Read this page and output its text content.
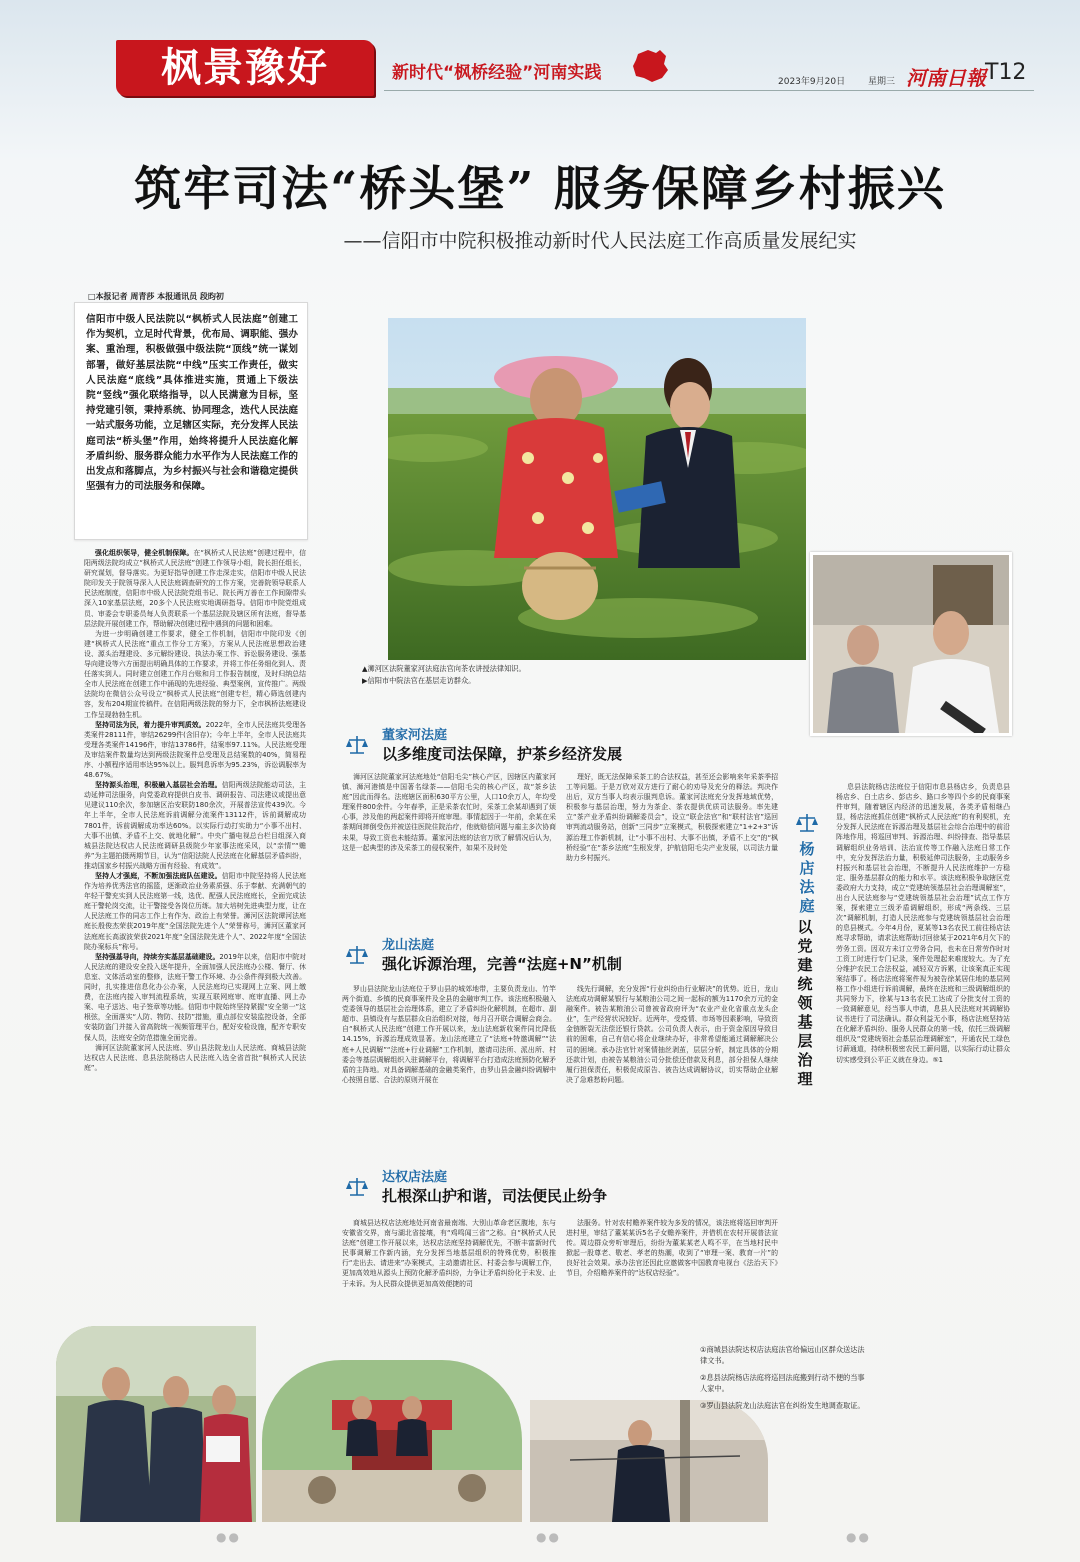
枫景豫好	新时代“枫桥经验”河南实践	2023年9月20日	星期三 河南日報 T12
筑牢司法“桥头堡” 服务保障乡村振兴
——信阳市中院积极推动新时代人民法庭工作高质量发展纪实
□本报记者 周青莎 本报通讯员 段昀初
信阳市中级人民法院以“枫桥式人民法庭”创建工作为契机，立足时代背景，优布局、调职能、强办案、重治理，积极做强中级法院“顶线”统一谋划部署，做好基层法院“中线”压实工作责任，做实人民法庭“底线”具体推进实施，贯通上下级法院“竖线”强化联络指导，以人民满意为目标，坚持党建引领，秉持系统、协同理念，迭代人民法庭一站式服务功能，立足辖区实际，充分发挥人民法庭司法“桥头堡”作用，始终将提升人民法庭化解矛盾纠纷、服务群众能力水平作为人民法庭工作的出发点和落脚点，为乡村振兴与社会和谐稳定提供坚强有力的司法服务和保障。
▲浉河区法院董家河法庭法官向茶农讲授法律知识。
▶信阳市中院法官在基层走访群众。

强化组织领导，健全机制保障。在“枫桥式人民法庭”创建过程中，信阳两级法院均成立“枫桥式人民法庭”创建工作领导小组，院长担任组长，研究谋划，督导落实。为更好指导创建工作走深走实，信阳市中级人民法院印发关于院领导深入人民法庭调查研究的工作方案，完善院领导联系人民法庭制度，信阳市中级人民法院党组书记、院长两万善在工作间隙带头深入10家基层法庭，20多个人民法庭实地调研指导。信阳市中院党组成员、审委会专职委员每人负责联系一个基层法院及辖区所有法庭，督导基层法院开展创建工作，帮助解决创建过程中遇到的问题和困难。

为进一步明确创建工作要求，健全工作机制，信阳市中院印发《创建“枫桥式人民法庭”重点工作分工方案》，方案从人民法庭思想政治建设、源头治理建设、多元解纷建设、执法办案工作、诉讼服务建设、强基导向建设等六方面提出明确具体的工作要求，并将工作任务细化到人、责任落实到人。同时建立创建工作月台账和月工作报告制度，及时归纳总结全市人民法庭在创建工作中涌现的先进经验、典型案例，宣传推广。两级法院均在微信公众号设立“枫桥式人民法庭”创建专栏，精心筛选创建内容，发布204期宣传稿件。在信阳两级法院的努力下，全市枫桥法庭建设工作呈现勃勃生机。

坚持司法为民，着力提升审判质效。2022年，全市人民法庭共受理各类案件28111件，审结26299件(含旧存)；今年上半年，全市人民法庭共受理各类案件14196件，审结13786件，结案率97.11%。人民法庭受理及审结案件数量均达到两级法院案件总受理及总结案数的40%，简易程序、小额程序适用率达95%以上。服判息诉率为95.23%，诉讼调服率为48.67%。

坚持源头治理，积极融入基层社会治理。信阳两级法院能动司法，主动延伸司法服务，向党委政府提供白皮书、调研报告、司法建议或提出意见建议110余次，参加辖区治安联防180余次，开展普法宣传439次。今年上半年，全市人民法庭诉前调解分流案件13112件，诉前调解成功7801件，诉前调解成功率达60%。以实际行动打实助力“小事不出村、大事不出镇、矛盾不上交、就地化解”。中央广播电视总台栏目组深入商城县法院达权店人民法庭调研县级院少年家事法庭采风，以“亲情”“赡养”为主题拍摄两期节目，认为“信阳法院人民法庭在化解基层矛盾纠纷，推动国家乡村振兴战略方面有经验、有成效”。

坚持人才强庭，不断加强法庭队伍建设。信阳市中院坚持将人民法庭作为培养优秀法官的摇篮，逐渐政治业务素质强、乐于奉献、充满朝气的年轻干警充实到人民法庭第一线，选优、配强人民法庭庭长，全面完成法庭干警轮岗交流，让干警接受各岗位历练。加大培树先进典型力度，让在人民法庭工作的同志工作上有作为、政治上有荣誉。浉河区法院谭河法庭庭长殷俊杰荣获2019年度“全国法院先进个人”荣誉称号，浉河区董家河法庭庭长高淑波荣获2021年度“全国法院先进个人”、2022年度“全国法院办案标兵”称号。

坚持强基导向，持续夯实基层基础建设。2019年以来，信阳市中院对人民法庭的建设安全投入逐年提升，全面加强人民法庭办公楼、餐厅、休息室、文体活动室的整修，法庭干警工作环境、办公条件得到极大改善。同时，扎实推进信息化办公办案，人民法庭均已实现网上立案、网上缴费，在法庭内接入审判流程系统，实现互联网庭审、庭审直播、网上办案、电子送达、电子签章等功能。信阳市中院始终坚持紧握“安全第一”这根弦，全面落实“人防、物防、技防”措施，重点部位安装监控设备，全部安装防盗门并接入省高院统一视频管理平台，配好安检设施，配齐专职安保人员，法庭安全防范措施全面完善。

浉河区法院董家河人民法庭、罗山县法院龙山人民法庭、商城县法院达权店人民法庭、息县法院杨店人民法庭入选全省首批“枫桥式人民法庭”。

董家河法庭
以多维度司法保障，护茶乡经济发展

浉河区法院董家河法庭地处“信阳毛尖”核心产区，因辖区内董家河镇、浉河港镇是中国著名绿茶——信阳毛尖的核心产区，故“茶乡法庭”因此而得名。法庭辖区面积630平方公里，人口10余万人，年均受理案件800余件。今年春季，正是采茶农忙时，采茶工余某却遇到了烦心事，涉及他的两起案件即将开庭审理。事情起因于一年前，余某在采茶期间摔倒受伤并被送往医院住院治疗，他就赔偿问题与雇主多次协商未果，导致工资也未能结算。董家河法庭的法官万欣了解情况后认为，这是一起典型的涉及采茶工的侵权案件，如果不及时处

理好，既无法保障采茶工的合法权益，甚至还会影响来年采茶季招工等问题。于是万欣对双方进行了耐心的劝导及充分的释法。判决作出后，双方当事人均表示服判息诉。董家河法庭充分发挥地域优势，积极参与基层治理，努力为茶企、茶农提供优质司法服务。率先建立“茶产业矛盾纠纷调解委员会”，设立“联企法官”和“联村法官”巡回审判流动服务站，创新“三同步”立案模式，积极探索建立“1+2+3”诉源治理工作新机制，让“小事不出村、大事不出镇，矛盾不上交”的“枫桥经验”在“茶乡法庭”生根发芽，护航信阳毛尖产业发展，以司法力量助力乡村振兴。

龙山法庭
强化诉源治理，完善“法庭+N”机制

罗山县法院龙山法庭位于罗山县的城郊地带，主要负责龙山、竹竿两个街道、乡镇的民商事案件及全县的金融审判工作。该法庭积极融入党委领导的基层社会治理体系，建立了矛盾纠纷化解机制，在超市、副超市、县镇设有与基层群众自治组织对接，每月召开联合调解会商会。自“枫桥式人民法庭”创建工作开展以来，龙山法庭新收案件同比降低14.15%，诉源治理成效显著。龙山法庭建立了“法庭+特邀调解”“法庭+人民调解”“法庭+行业调解”工作机制，邀请司法所、派出所、村委会等基层调解组织入驻调解平台，将调解平台打造成法庭预防化解矛盾的主阵地。对具备调解基础的金融类案件，由罗山县金融纠纷调解中心按照自愿、合法的原则开展在

线先行调解，充分发挥“行业纠纷由行业解决”的优势。近日，龙山法庭成功调解某银行与某粮油公司之间一起标的额为1170余万元的金融案件。被告某粮油公司曾被省政府评为“农业产业化省重点龙头企业”，生产经营状况较好。近两年，受疫情、市场等因素影响，导致资金链断裂无法偿还银行贷款。公司负责人表示，由于资金原因导致目前的困难，自己有信心将企业继续办好，非常希望能通过调解解决公司的困境。承办法官针对案情抽丝剥茧，层层分析，制定具体的分期还款计划，由被告某粮油公司分批偿还借款及利息，部分担保人继续履行担保责任，积极促成原告、被告达成调解协议，切实帮助企业解决了急难愁盼问题。

达权店法庭
扎根深山护和谐，司法便民止纷争

商城县达权店法庭地处河南省最南端、大别山革命老区腹地，东与安徽省交界，南与湖北省接壤，有“鸡鸣闻三省”之称。自“枫桥式人民法庭”创建工作开展以来，达权店法庭坚持调解优先，不断丰富新时代民事调解工作新内涵，充分发挥当地基层组织的特殊优势，积极推行“走出去、请进来”办案模式，主动邀请社区、村委会参与调解工作，更加高效地从源头上预防化解矛盾纠纷，力争让矛盾纠纷化于未发、止于未诉。为人民群众提供更加高效便捷的司

法服务。针对农村赡养案件较为多发的情况，该法庭将巡回审判开进村里，审结了董某某诉5名子女赡养案件，并借机在农村开展普法宣传。周边群众旁听审理后，纷纷为董某某老人鸣不平，在当地村民中掀起一股尊老、敬老、孝老的热潮，收到了“审理一案、教育一片”的良好社会效果。承办法官还因此应邀做客中国教育电视台《法治天下》节目，介绍赡养案件的“达权店经验”。

杨店法庭
以党建统领基层治理

息县法院杨店法庭位于信阳市息县杨店乡，负责息县杨店乡、白土店乡、彭店乡、路口乡等四个乡的民商事案件审判，随着辖区内经济的迅速发展，各类矛盾相继凸显，杨店法庭抓住创建“枫桥式人民法庭”的有利契机，充分发挥人民法庭在诉源治理及基层社会综合治理中的前沿阵地作用，将巡回审判、诉源治理、纠纷排查、指导基层调解组织业务培训、法治宣传等工作融入法庭日常工作中，充分发挥法治力量，积极延伸司法服务，主动服务乡村振兴和基层社会治理，不断提升人民法庭维护一方稳定、服务基层群众的能力和水平。该法庭积极争取辖区党委政府大力支持，成立“党建统领基层社会治理调解室”，出台人民法庭参与“党建统领基层社会治理”试点工作方案，探索建立三级矛盾调解组织，形成“两条线、三层次”调解机制，打造人民法庭参与党建统领基层社会治理的息县模式。今年4月份，夏某等13名农民工前往杨店法庭寻求帮助，请求法庭帮助讨回徐某于2021年6月欠下的劳务工资。因双方未订立劳务合同，也未在日常劳作时对工资工时进行专门记录，案件处理起来难度较大。为了充分维护农民工合法权益，减轻双方诉累，让该案真正实现案结事了。杨店法庭将案件视为被告徐某居住地的基层网格工作小组进行诉前调解，最终在法庭和三级调解组织的共同努力下，徐某与13名农民工达成了分批支付工资的一致调解意见，经当事人申请，息县人民法庭对其调解协议书进行了司法确认。群众利益无小事，杨店法庭坚持站在化解矛盾纠纷、服务人民群众的第一线，依托三级调解组织及“党建统领社会基层治理调解室”，开通农民工绿色讨薪通道，持续积极密农民工薪问题，以实际行动让群众切实感受到公平正义就在身边。⑤1

①商城县法院达权店法庭法官给偏远山区群众送达法律文书。
②息县法院杨店法庭将巡回法庭搬到行动不便的当事人家中。
③罗山县法院龙山法庭法官在纠纷发生地调查取证。
●●	●●	●●
